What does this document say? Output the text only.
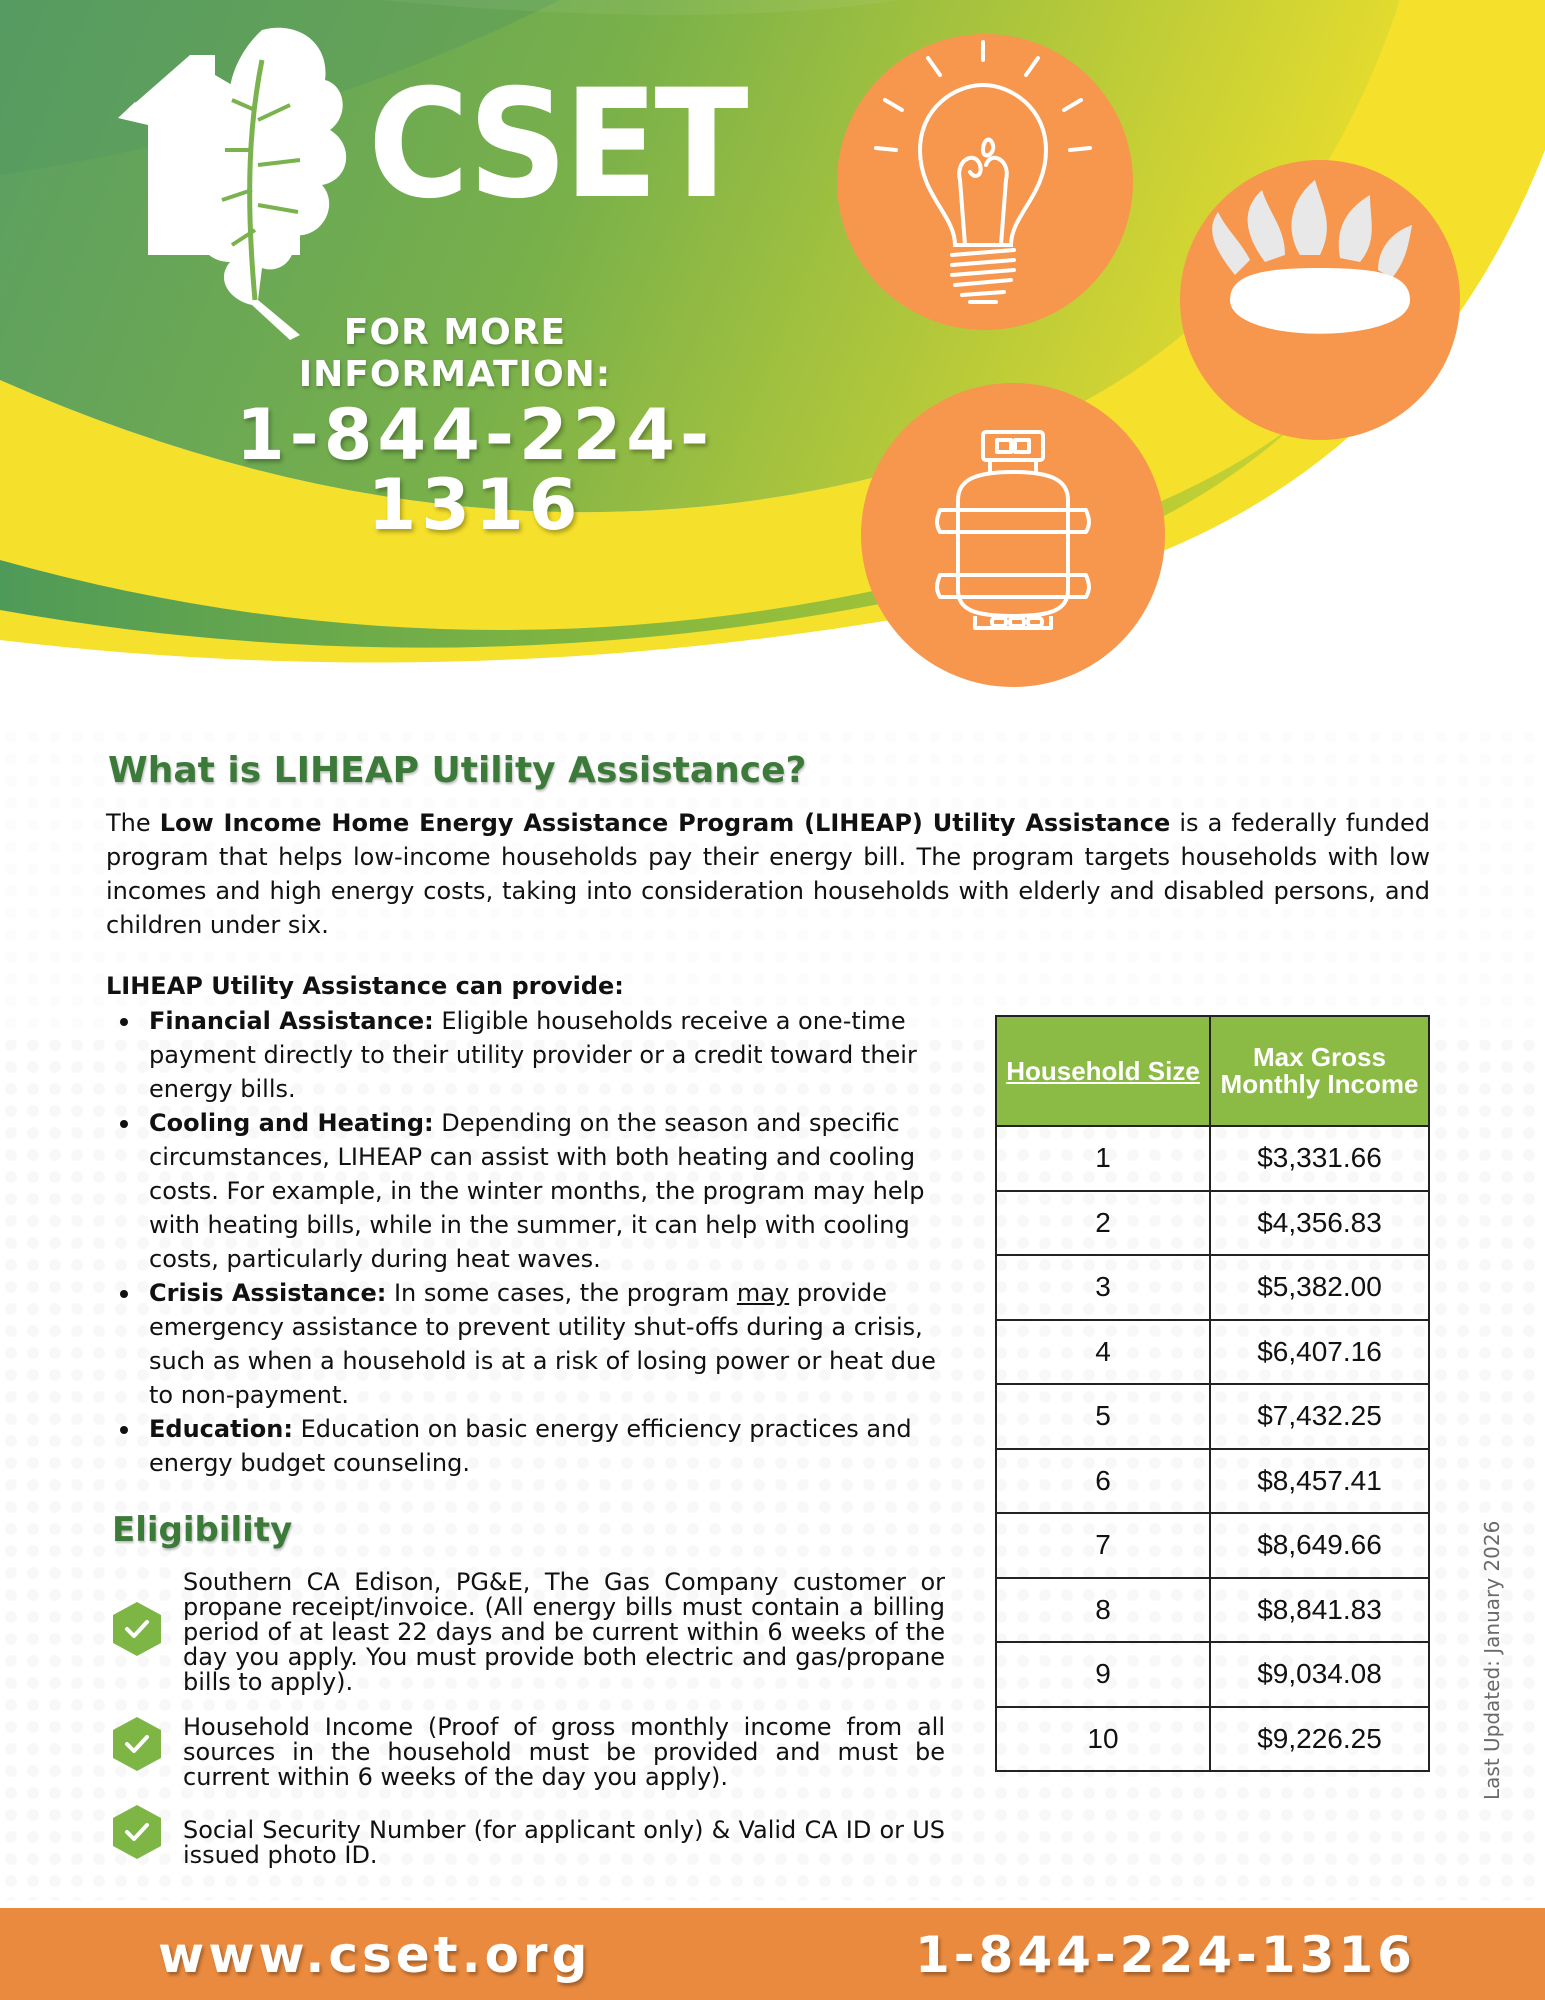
CSET
FOR MORE
INFORMATION:
1-844-224-1316
What is LIHEAP Utility Assistance?

The Low Income Home Energy Assistance Program (LIHEAP) Utility Assistance is a federally funded program that helps low-income households pay their energy bill. The program targets households with low incomes and high energy costs, taking into consideration households with elderly and disabled persons, and children under six.

LIHEAP Utility Assistance can provide:
Financial Assistance: Eligible households receive a one-time payment directly to their utility provider or a credit toward their energy bills.
Cooling and Heating: Depending on the season and specific circumstances, LIHEAP can assist with both heating and cooling costs. For example, in the winter months, the program may help with heating bills, while in the summer, it can help with cooling costs, particularly during heat waves.
Crisis Assistance: In some cases, the program may provide emergency assistance to prevent utility shut-offs during a crisis, such as when a household is at a risk of losing power or heat due to non-payment.
Education: Education on basic energy efficiency practices and energy budget counseling.
Household Size	Max Gross Monthly Income
1	$3,331.66
2	$4,356.83
3	$5,382.00
4	$6,407.16
5	$7,432.25
6	$8,457.41
7	$8,649.66
8	$8,841.83
9	$9,034.08
10	$9,226.25
Eligibility
Southern CA Edison, PG&E, The Gas Company customer or propane receipt/invoice. (All energy bills must contain a billing period of at least 22 days and be current within 6 weeks of the day you apply. You must provide both electric and gas/propane bills to apply).
Household Income (Proof of gross monthly income from all sources in the household must be provided and must be current within 6 weeks of the day you apply).
Social Security Number (for applicant only) & Valid CA ID or US issued photo ID.
Last Updated: January 2026
www.cset.org	1-844-224-1316
